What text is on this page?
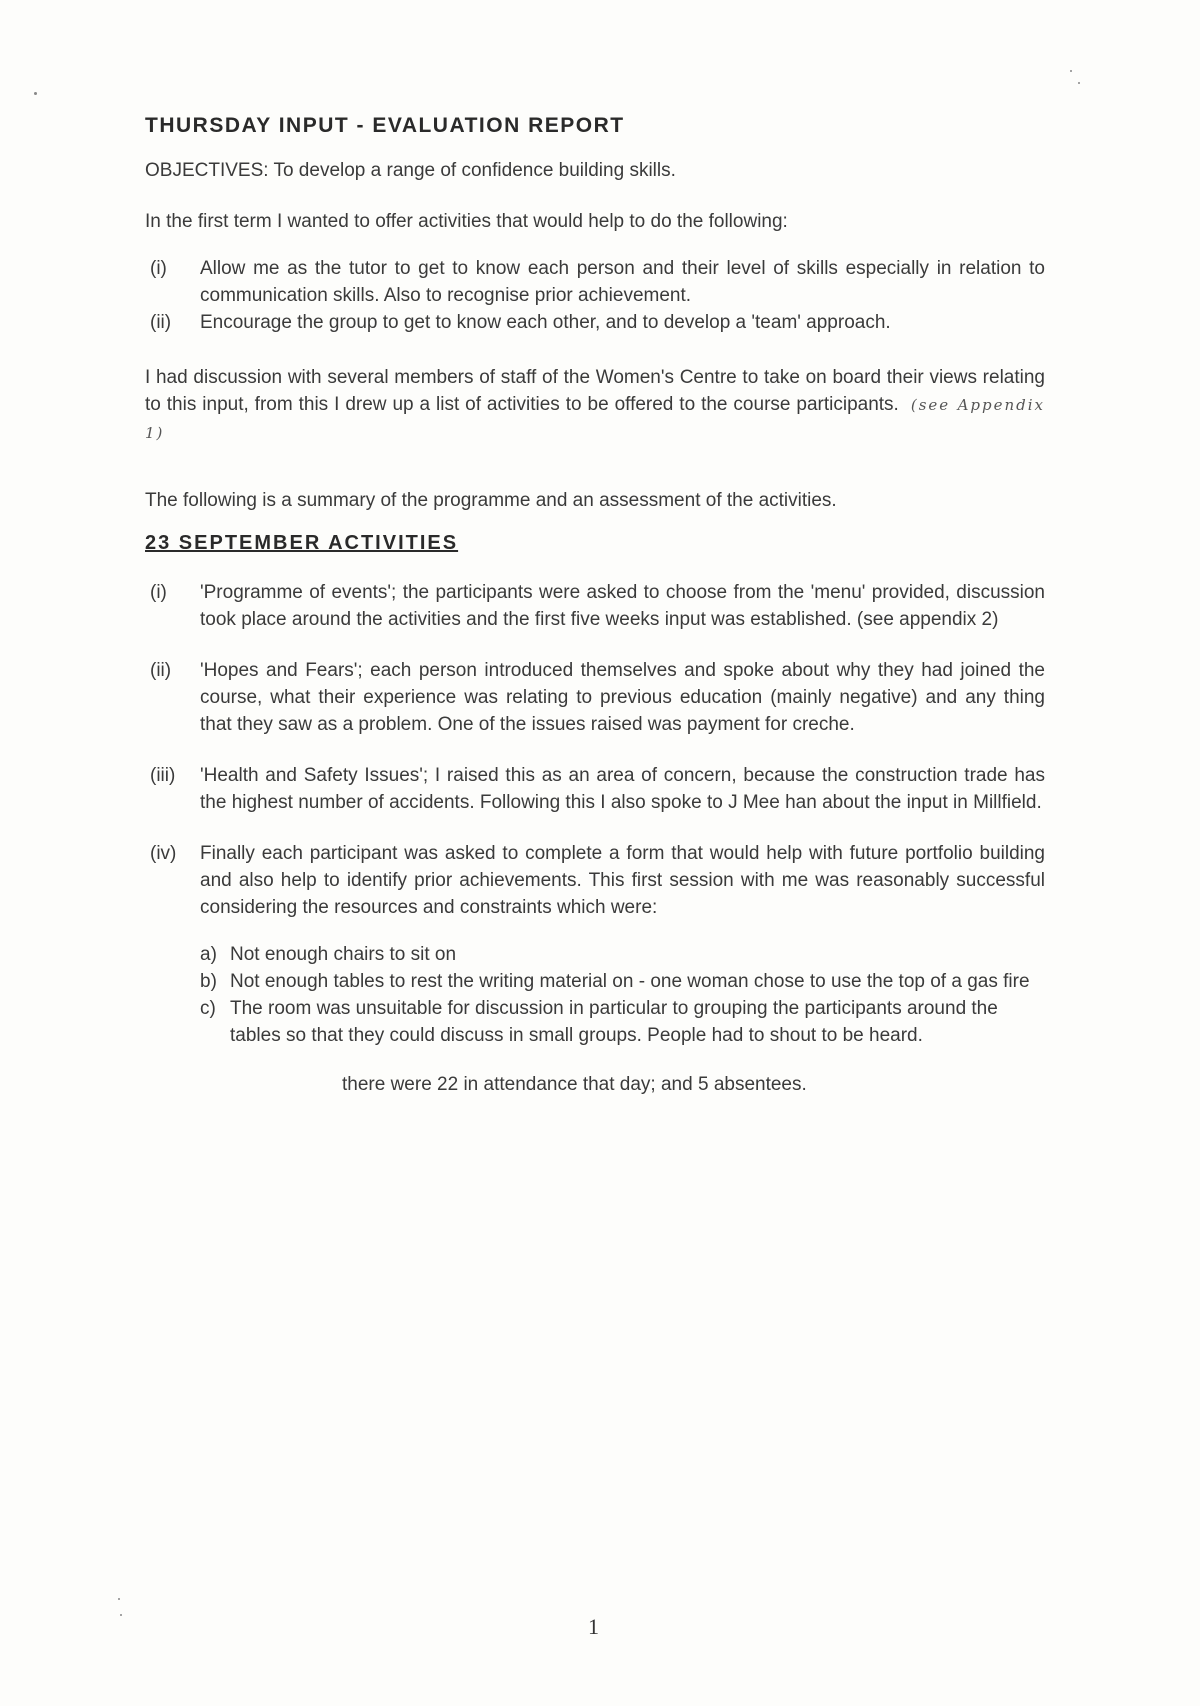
THURSDAY INPUT - EVALUATION REPORT

OBJECTIVES: To develop a range of confidence building skills.

In the first term I wanted to offer activities that would help to do the following:

(i)	Allow me as the tutor to get to know each person and their level of skills especially in relation to communication skills. Also to recognise prior achievement.
(ii)	Encourage the group to get to know each other, and to develop a 'team' approach.

I had discussion with several members of staff of the Women's Centre to take on board their views relating to this input, from this I drew up a list of activities to be offered to the course participants. (see Appendix 1)

The following is a summary of the programme and an assessment of the activities.

23 SEPTEMBER ACTIVITIES
(i)	'Programme of events'; the participants were asked to choose from the 'menu' provided, discussion took place around the activities and the first five weeks input was established. (see appendix 2)
(ii)	'Hopes and Fears'; each person introduced themselves and spoke about why they had joined the course, what their experience was relating to previous education (mainly negative) and any thing that they saw as a problem. One of the issues raised was payment for creche.
(iii)	'Health and Safety Issues'; I raised this as an area of concern, because the construction trade has the highest number of accidents. Following this I also spoke to J Mee han about the input in Millfield.
(iv)	Finally each participant was asked to complete a form that would help with future portfolio building and also help to identify prior achievements. This first session with me was reasonably successful considering the resources and constraints which were:
a) Not enough chairs to sit on
b) Not enough tables to rest the writing material on - one woman chose to use the top of a gas fire
c) The room was unsuitable for discussion in particular to grouping the participants around the tables so that they could discuss in small groups. People had to shout to be heard.

there were 22 in attendance that day; and 5 absentees.

1
